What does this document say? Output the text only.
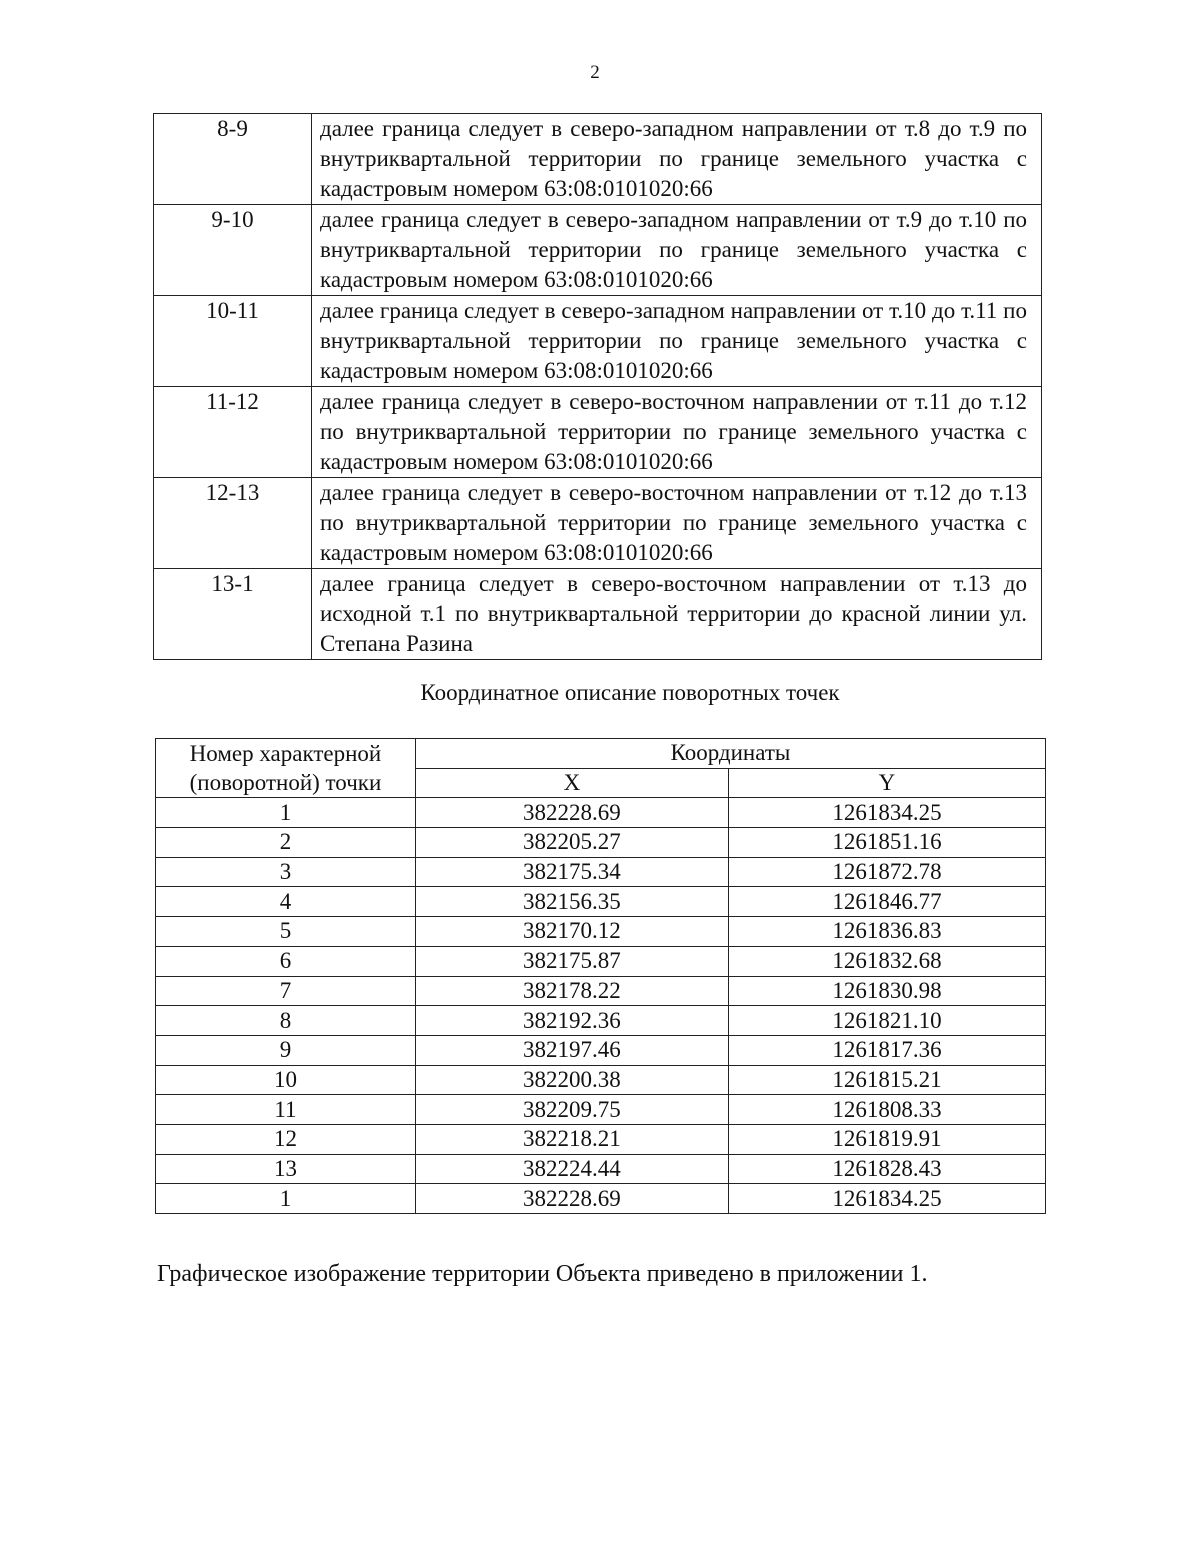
2
8-9	далее граница следует в северо-западном направлении от т.8 до т.9 по внутриквартальной территории по границе земельного участка с кадастровым номером 63:08:0101020:66
9-10	далее граница следует в северо-западном направлении от т.9 до т.10 по внутриквартальной территории по границе земельного участка с кадастровым номером 63:08:0101020:66
10-11	далее граница следует в северо-западном направлении от т.10 до т.11 по внутриквартальной территории по границе земельного участка с кадастровым номером 63:08:0101020:66
11-12	далее граница следует в северо-восточном направлении от т.11 до т.12 по внутриквартальной территории по границе земельного участка с кадастровым номером 63:08:0101020:66
12-13	далее граница следует в северо-восточном направлении от т.12 до т.13 по внутриквартальной территории по границе земельного участка с кадастровым номером 63:08:0101020:66
13-1	далее граница следует в северо-восточном направлении от т.13 до исходной т.1 по внутриквартальной территории до красной линии ул. Степана Разина
Координатное описание поворотных точек
Номер характерной
(поворотной) точки	Координаты	
	X	Y
1	382228.69	1261834.25
2	382205.27	1261851.16
3	382175.34	1261872.78
4	382156.35	1261846.77
5	382170.12	1261836.83
6	382175.87	1261832.68
7	382178.22	1261830.98
8	382192.36	1261821.10
9	382197.46	1261817.36
10	382200.38	1261815.21
11	382209.75	1261808.33
12	382218.21	1261819.91
13	382224.44	1261828.43
1	382228.69	1261834.25
Графическое изображение территории Объекта приведено в приложении 1.
